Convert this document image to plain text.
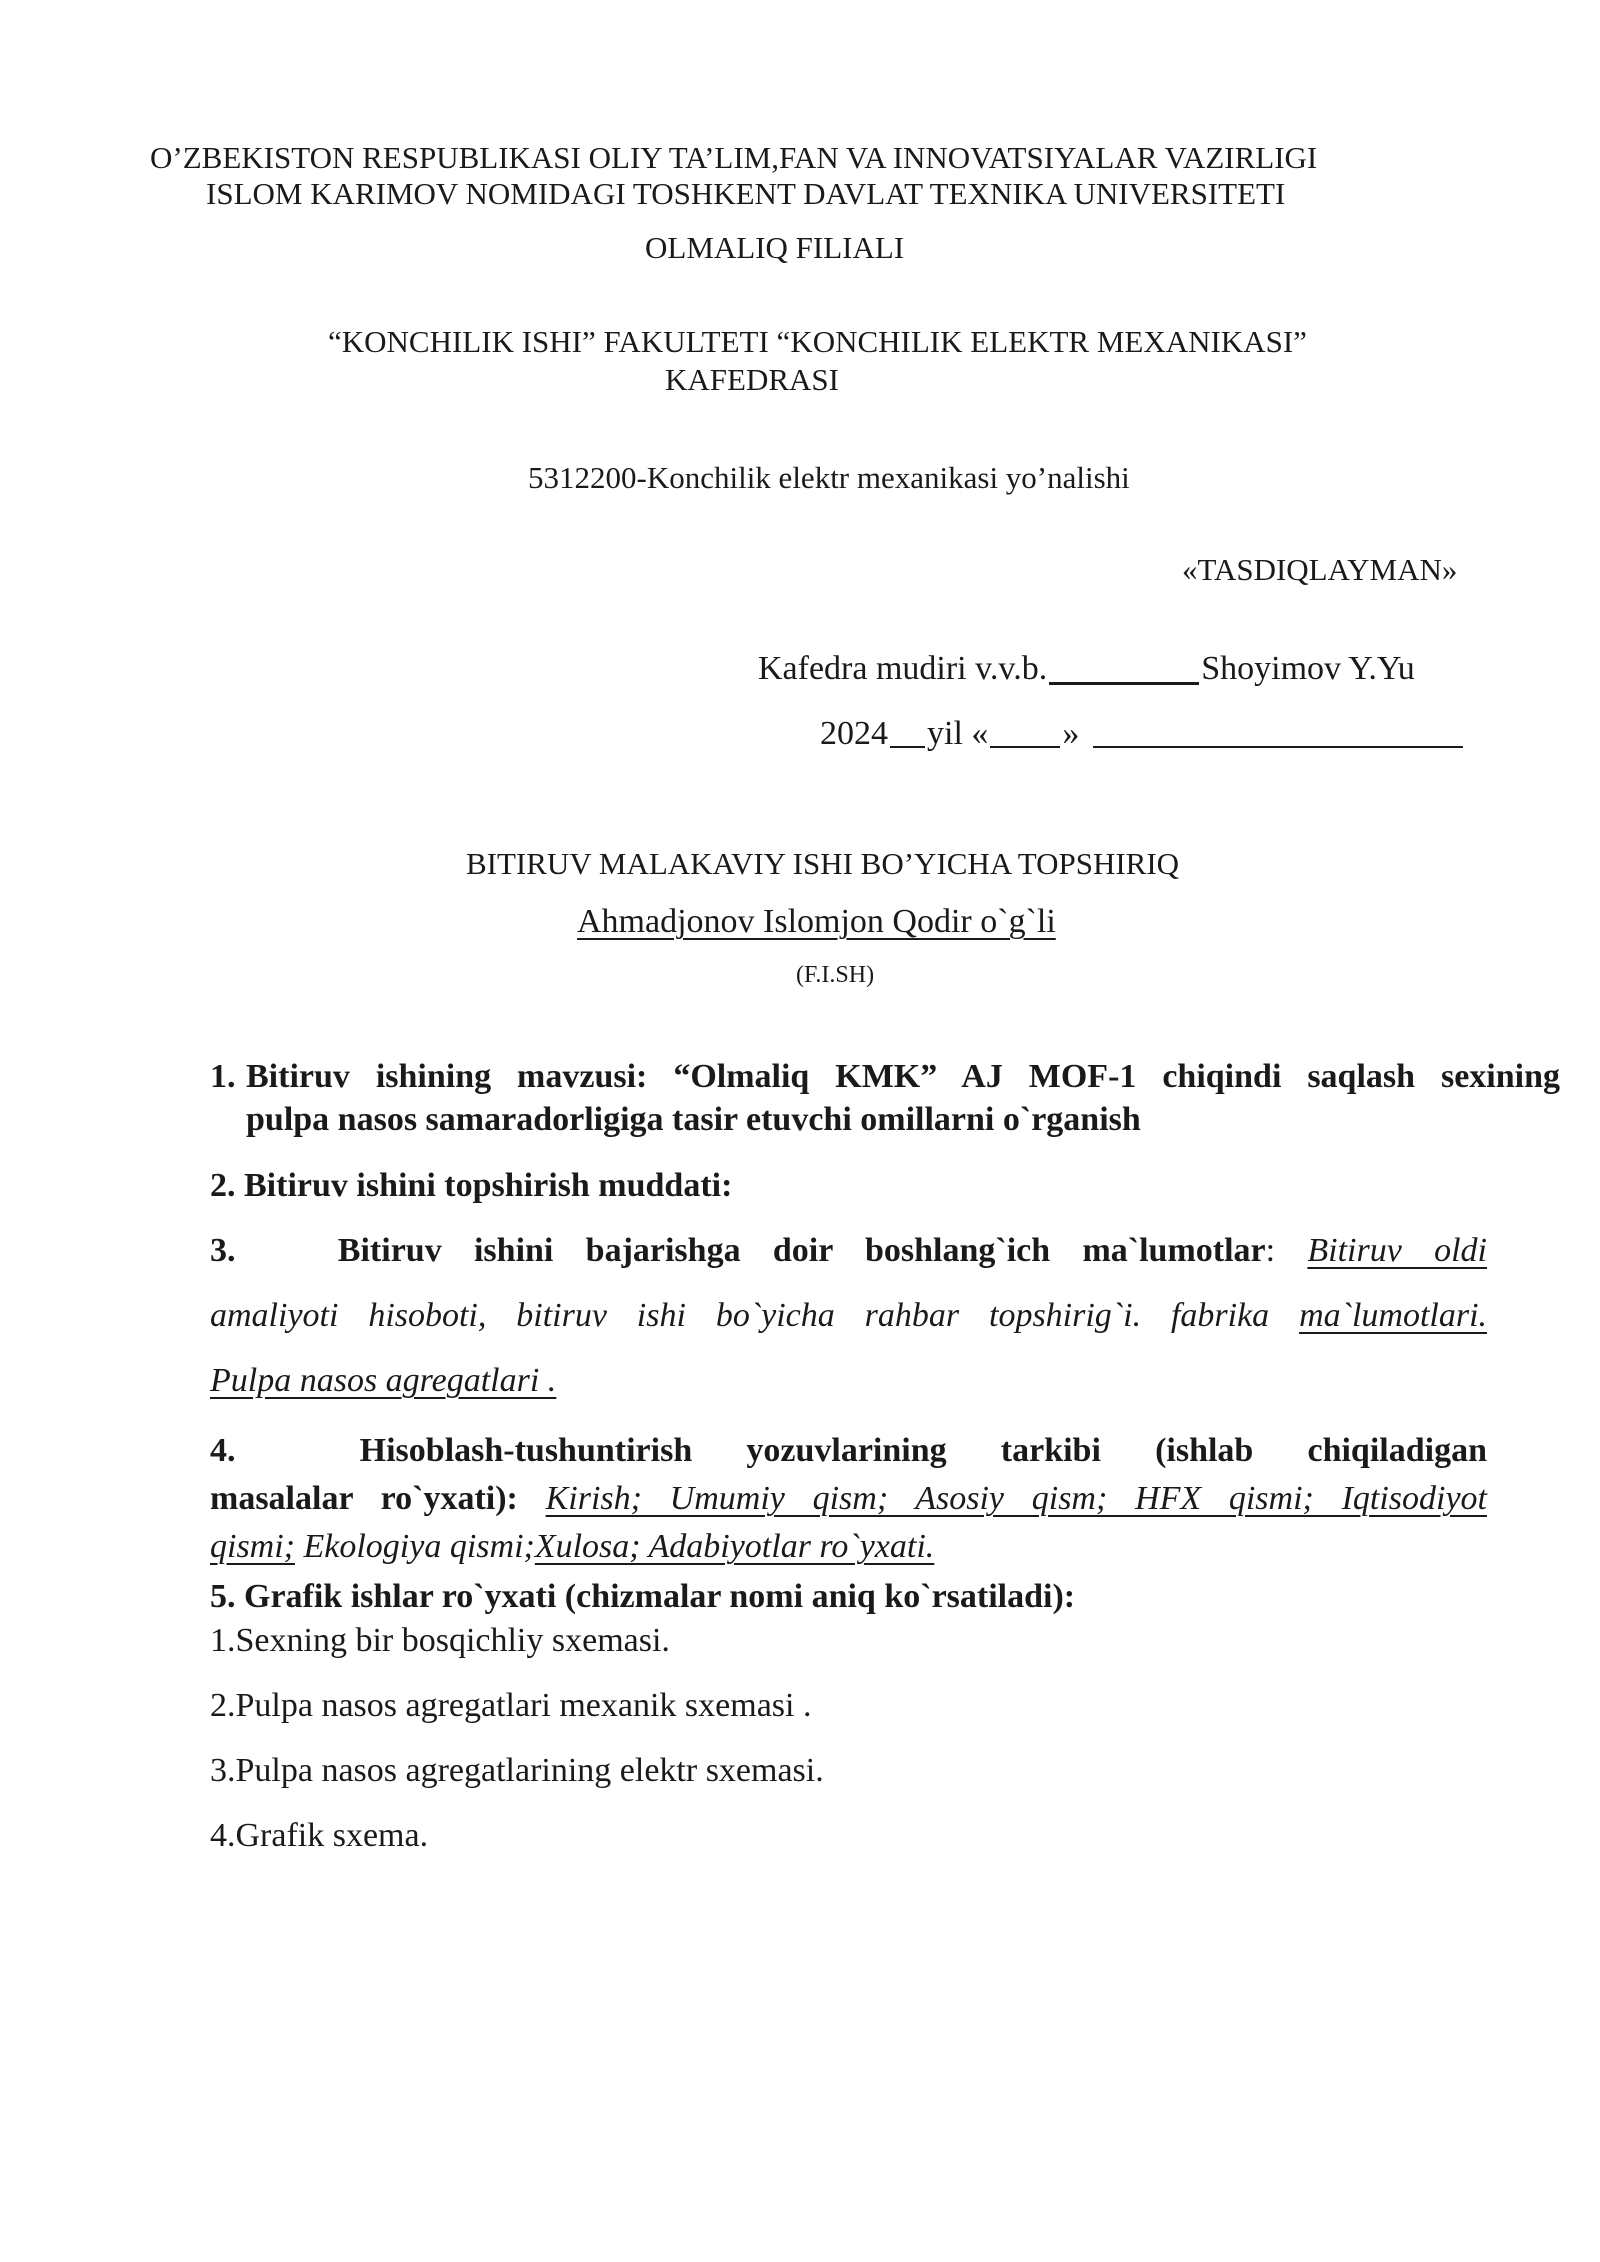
O’ZBEKISTON RESPUBLIKASI OLIY TA’LIM,FAN VA INNOVATSIYALAR VAZIRLIGI
ISLOM KARIMOV NOMIDAGI TOSHKENT DAVLAT TEXNIKA UNIVERSITETI
OLMALIQ FILIALI
“KONCHILIK ISHI” FAKULTETI “KONCHILIK ELEKTR MEXANIKASI”
KAFEDRASI
5312200-Konchilik elektr mexanikasi yo’nalishi
«TASDIQLAYMAN»
Kafedra mudiri v.v.b.	Shoyimov Y.Yu
2024 yil « »
BITIRUV MALAKAVIY ISHI BO’YICHA TOPSHIRIQ
Ahmadjonov Islomjon Qodir o`g`li
(F.I.SH)
1. Bitiruv ishining mavzusi: “Olmaliq KMK” AJ MOF-1 chiqindi saqlash sexining
pulpa nasos samaradorligiga tasir etuvchi omillarni o`rganish
2. Bitiruv ishini topshirish muddati:
3.	Bitiruv ishini bajarishga doir boshlang`ich ma`lumotlar: Bitiruv oldi
amaliyoti hisoboti, bitiruv ishi bo`yicha rahbar topshirig`i. fabrika ma`lumotlari.
Pulpa nasos agregatlari .
4.	Hisoblash-tushuntirish yozuvlarining tarkibi (ishlab chiqiladigan
masalalar ro`yxati): Kirish; Umumiy qism; Asosiy qism; HFX qismi; Iqtisodiyot
qismi; Ekologiya qismi;Xulosa; Adabiyotlar ro`yxati.
5. Grafik ishlar ro`yxati (chizmalar nomi aniq ko`rsatiladi):
1.Sexning bir bosqichliy sxemasi.
2.Pulpa nasos agregatlari mexanik sxemasi .
3.Pulpa nasos agregatlarining elektr sxemasi.
4.Grafik sxema.
